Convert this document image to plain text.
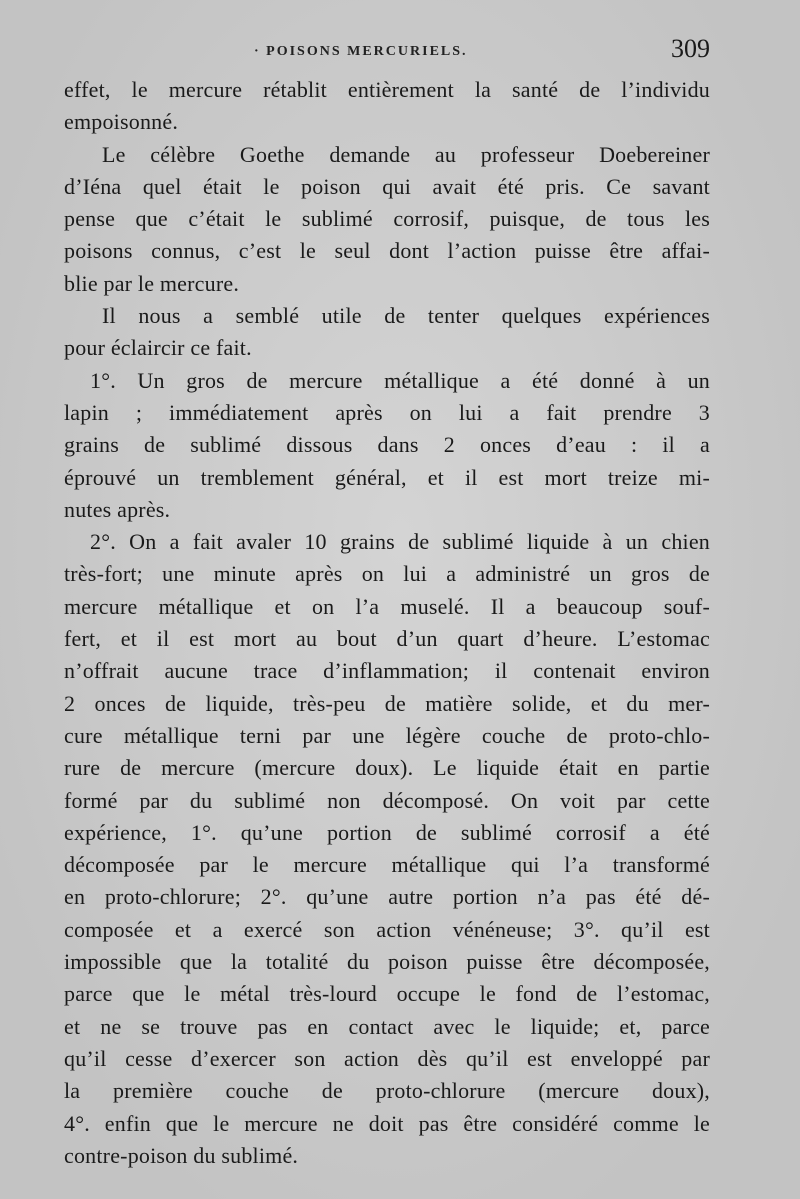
· POISONS MERCURIELS.	309
effet, le mercure rétablit entièrement la santé de l’individu
empoisonné.
Le célèbre Goethe demande au professeur Doebereiner
d’Iéna quel était le poison qui avait été pris. Ce savant
pense que c’était le sublimé corrosif, puisque, de tous les
poisons connus, c’est le seul dont l’action puisse être affai-
blie par le mercure.
Il nous a semblé utile de tenter quelques expériences
pour éclaircir ce fait.
1°. Un gros de mercure métallique a été donné à un
lapin ; immédiatement après on lui a fait prendre 3
grains de sublimé dissous dans 2 onces d’eau : il a
éprouvé un tremblement général, et il est mort treize mi-
nutes après.
2°. On a fait avaler 10 grains de sublimé liquide à un chien
très-fort; une minute après on lui a administré un gros de
mercure métallique et on l’a muselé. Il a beaucoup souf-
fert, et il est mort au bout d’un quart d’heure. L’estomac
n’offrait aucune trace d’inflammation; il contenait environ
2 onces de liquide, très-peu de matière solide, et du mer-
cure métallique terni par une légère couche de proto-chlo-
rure de mercure (mercure doux). Le liquide était en partie
formé par du sublimé non décomposé. On voit par cette
expérience, 1°. qu’une portion de sublimé corrosif a été
décomposée par le mercure métallique qui l’a transformé
en proto-chlorure; 2°. qu’une autre portion n’a pas été dé-
composée et a exercé son action vénéneuse; 3°. qu’il est
impossible que la totalité du poison puisse être décomposée,
parce que le métal très-lourd occupe le fond de l’estomac,
et ne se trouve pas en contact avec le liquide; et, parce
qu’il cesse d’exercer son action dès qu’il est enveloppé par
la première couche de proto-chlorure (mercure doux),
4°. enfin que le mercure ne doit pas être considéré comme le
contre-poison du sublimé.
